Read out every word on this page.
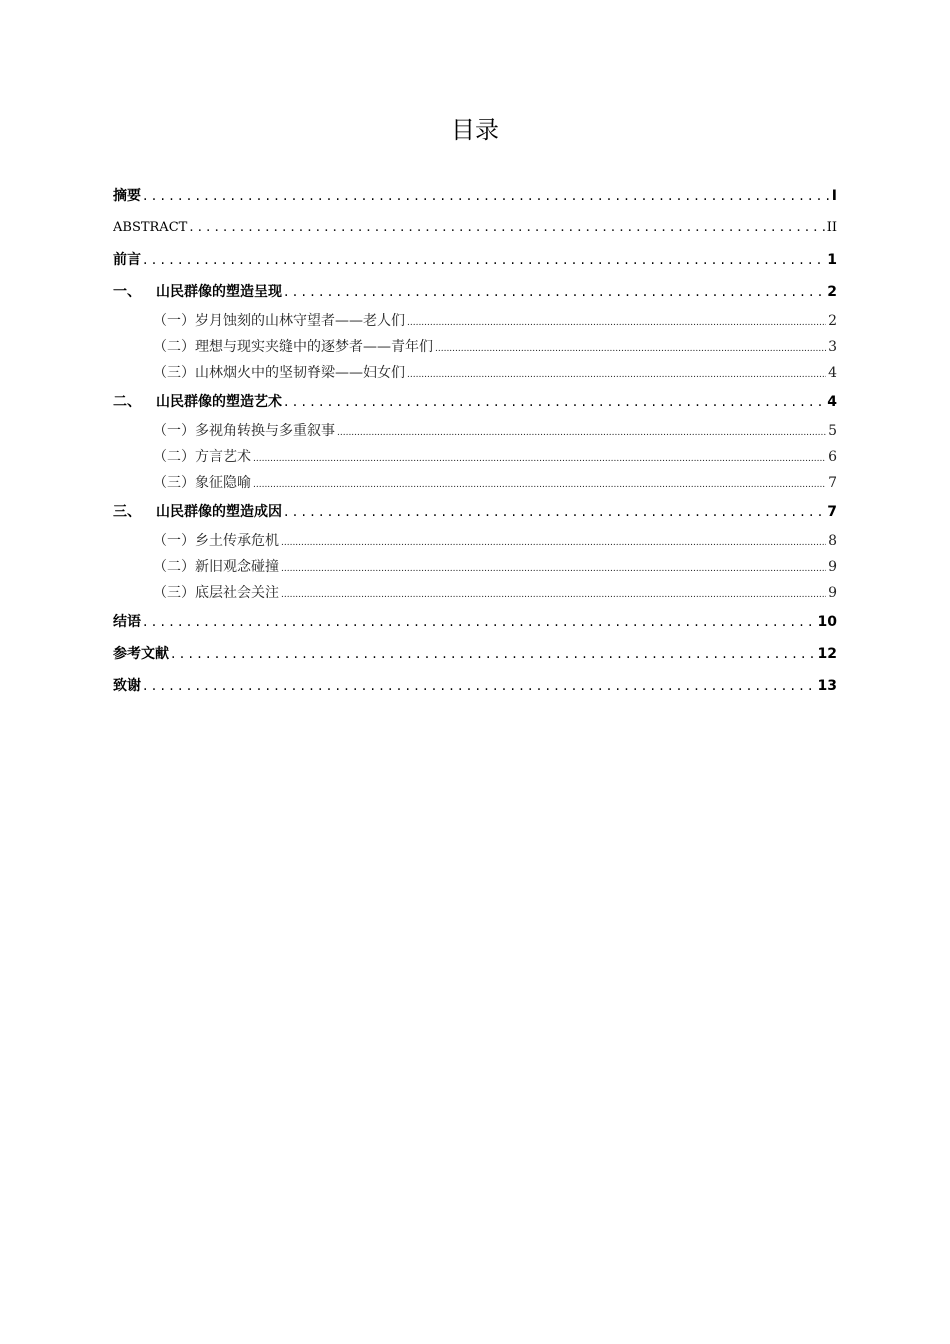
目录
摘要 .....	I
ABSTRACT .....	II
前言 .....	1
一、	山民群像的塑造呈现 .....	2
（一）岁月蚀刻的山林守望者——老人们 .....	2
（二）理想与现实夹缝中的逐梦者——青年们 .....	3
（三）山林烟火中的坚韧脊梁——妇女们 .....	4
二、	山民群像的塑造艺术 .....	4
（一）多视角转换与多重叙事 .....	5
（二）方言艺术 .....	6
（三）象征隐喻 .....	7
三、	山民群像的塑造成因 .....	7
（一）乡土传承危机 .....	8
（二）新旧观念碰撞 .....	9
（三）底层社会关注 .....	9
结语 .....	10
参考文献 .....	12
致谢 .....	13
